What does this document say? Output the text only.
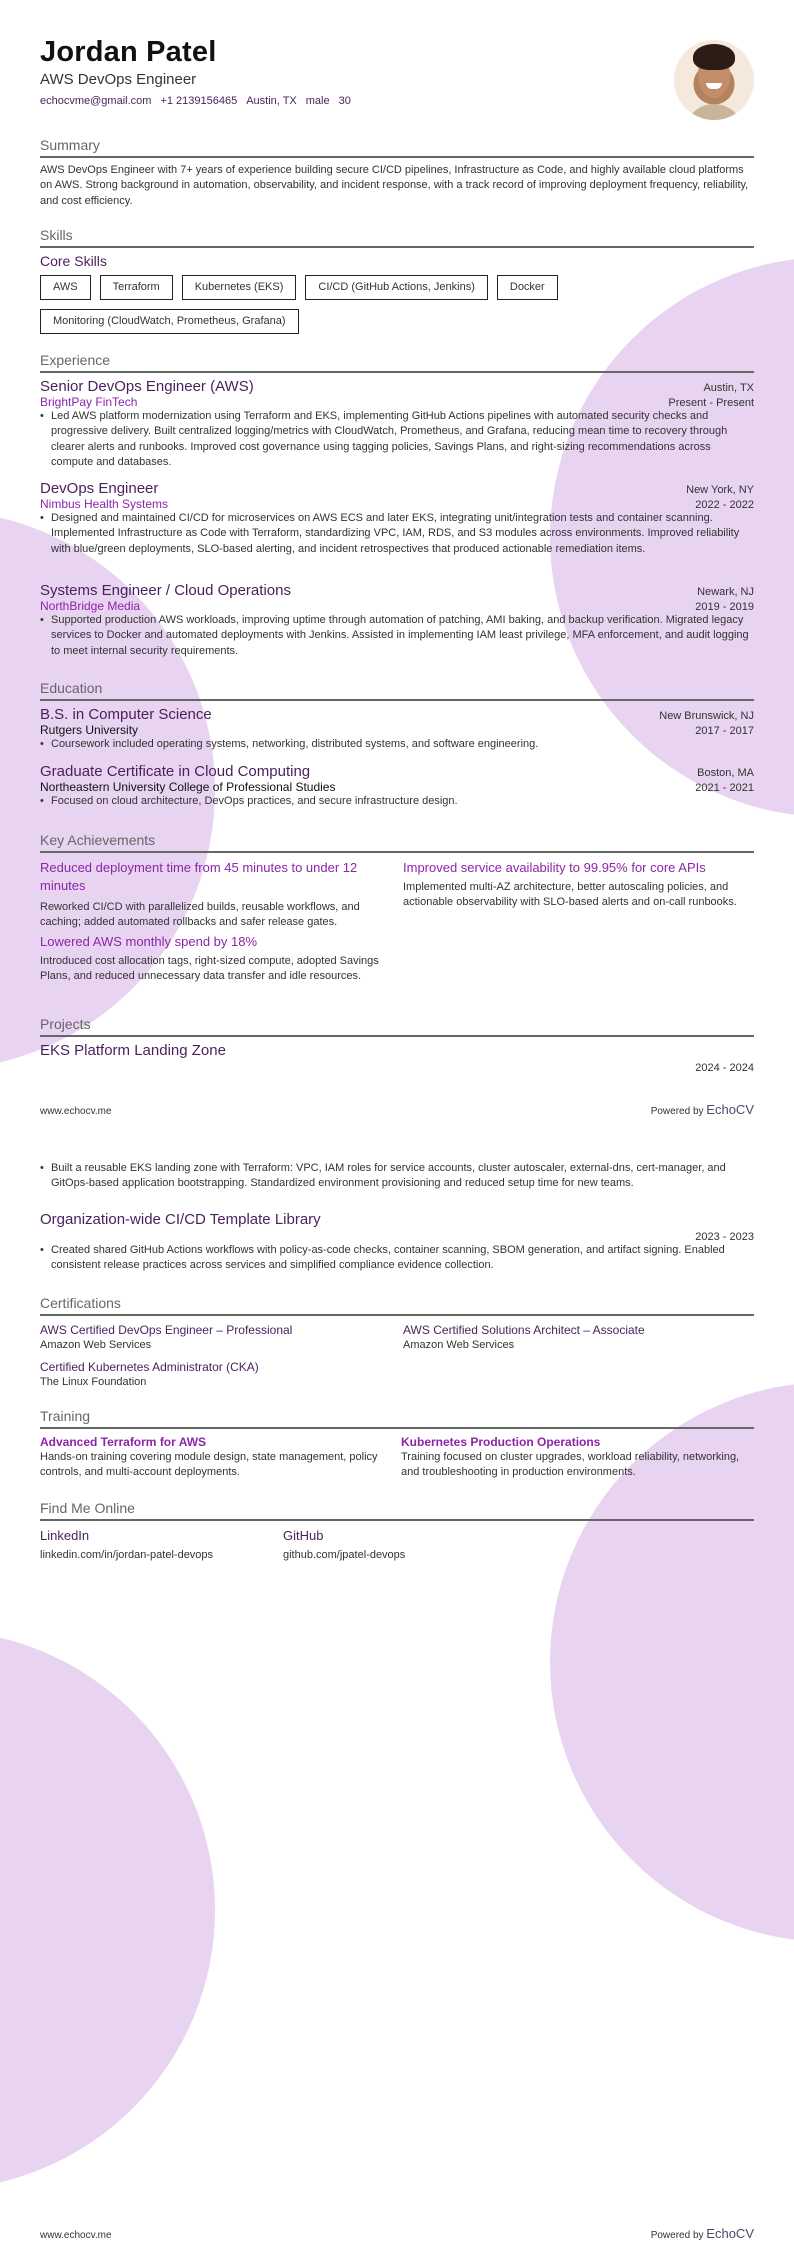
Jordan Patel
AWS DevOps Engineer
echocvme@gmail.com +1 2139156465 Austin, TX male 30
Summary
AWS DevOps Engineer with 7+ years of experience building secure CI/CD pipelines, Infrastructure as Code, and highly available cloud platforms on AWS. Strong background in automation, observability, and incident response, with a track record of improving deployment frequency, reliability, and cost efficiency.
Skills
Core Skills
AWS	Terraform	Kubernetes (EKS)	CI/CD (GitHub Actions, Jenkins)	Docker
Monitoring (CloudWatch, Prometheus, Grafana)
Experience
Senior DevOps Engineer (AWS)	Austin, TX
BrightPay FinTech	Present - Present
• Led AWS platform modernization using Terraform and EKS, implementing GitHub Actions pipelines with automated security checks and progressive delivery. Built centralized logging/metrics with CloudWatch, Prometheus, and Grafana, reducing mean time to recovery through clearer alerts and runbooks. Improved cost governance using tagging policies, Savings Plans, and right-sizing recommendations across compute and databases.
DevOps Engineer	New York, NY
Nimbus Health Systems	2022 - 2022
• Designed and maintained CI/CD for microservices on AWS ECS and later EKS, integrating unit/integration tests and container scanning. Implemented Infrastructure as Code with Terraform, standardizing VPC, IAM, RDS, and S3 modules across environments. Improved reliability with blue/green deployments, SLO-based alerting, and incident retrospectives that produced actionable remediation items.
Systems Engineer / Cloud Operations	Newark, NJ
NorthBridge Media	2019 - 2019
• Supported production AWS workloads, improving uptime through automation of patching, AMI baking, and backup verification. Migrated legacy services to Docker and automated deployments with Jenkins. Assisted in implementing IAM least privilege, MFA enforcement, and audit logging to meet internal security requirements.
Education
B.S. in Computer Science	New Brunswick, NJ
Rutgers University	2017 - 2017
• Coursework included operating systems, networking, distributed systems, and software engineering.
Graduate Certificate in Cloud Computing	Boston, MA
Northeastern University College of Professional Studies	2021 - 2021
• Focused on cloud architecture, DevOps practices, and secure infrastructure design.
Key Achievements
Reduced deployment time from 45 minutes to under 12 minutes
Reworked CI/CD with parallelized builds, reusable workflows, and caching; added automated rollbacks and safer release gates.
Improved service availability to 99.95% for core APIs
Implemented multi-AZ architecture, better autoscaling policies, and actionable observability with SLO-based alerts and on-call runbooks.
Lowered AWS monthly spend by 18%
Introduced cost allocation tags, right-sized compute, adopted Savings Plans, and reduced unnecessary data transfer and idle resources.
Projects
EKS Platform Landing Zone
2024 - 2024
www.echocv.me	Powered by EchoCV
• Built a reusable EKS landing zone with Terraform: VPC, IAM roles for service accounts, cluster autoscaler, external-dns, cert-manager, and GitOps-based application bootstrapping. Standardized environment provisioning and reduced setup time for new teams.
Organization-wide CI/CD Template Library
2023 - 2023
• Created shared GitHub Actions workflows with policy-as-code checks, container scanning, SBOM generation, and artifact signing. Enabled consistent release practices across services and simplified compliance evidence collection.
Certifications
AWS Certified DevOps Engineer – Professional
Amazon Web Services
AWS Certified Solutions Architect – Associate
Amazon Web Services
Certified Kubernetes Administrator (CKA)
The Linux Foundation
Training
Advanced Terraform for AWS
Hands-on training covering module design, state management, policy controls, and multi-account deployments.
Kubernetes Production Operations
Training focused on cluster upgrades, workload reliability, networking, and troubleshooting in production environments.
Find Me Online
LinkedIn
linkedin.com/in/jordan-patel-devops
GitHub
github.com/jpatel-devops
www.echocv.me	Powered by EchoCV
